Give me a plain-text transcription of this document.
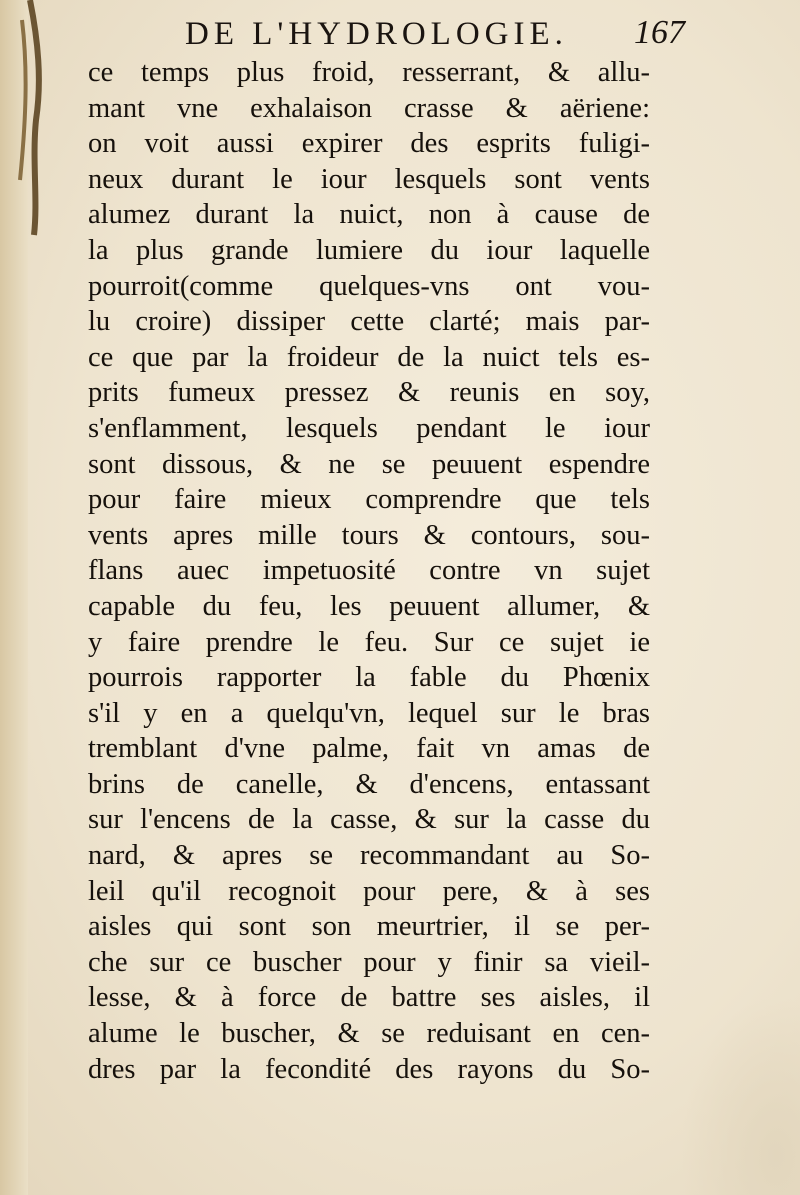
DE L'HYDROLOGIE. 167
ce temps plus froid, resserrant, & allu-
mant vne exhalaison crasse & aëriene:
on voit aussi expirer des esprits fuligi-
neux durant le iour lesquels sont vents
alumez durant la nuict, non à cause de
la plus grande lumiere du iour laquelle
pourroit(comme quelques-vns ont vou-
lu croire) dissiper cette clarté; mais par-
ce que par la froideur de la nuict tels es-
prits fumeux pressez & reunis en soy,
s'enflamment, lesquels pendant le iour
sont dissous, & ne se peuuent espendre
pour faire mieux comprendre que tels
vents apres mille tours & contours, sou-
flans auec impetuosité contre vn sujet
capable du feu, les peuuent allumer, &
y faire prendre le feu. Sur ce sujet ie
pourrois rapporter la fable du Phœnix
s'il y en a quelqu'vn, lequel sur le bras
tremblant d'vne palme, fait vn amas de
brins de canelle, & d'encens, entassant
sur l'encens de la casse, & sur la casse du
nard, & apres se recommandant au So-
leil qu'il recognoit pour pere, & à ses
aisles qui sont son meurtrier, il se per-
che sur ce buscher pour y finir sa vieil-
lesse, & à force de battre ses aisles, il
alume le buscher, & se reduisant en cen-
dres par la fecondité des rayons du So-
